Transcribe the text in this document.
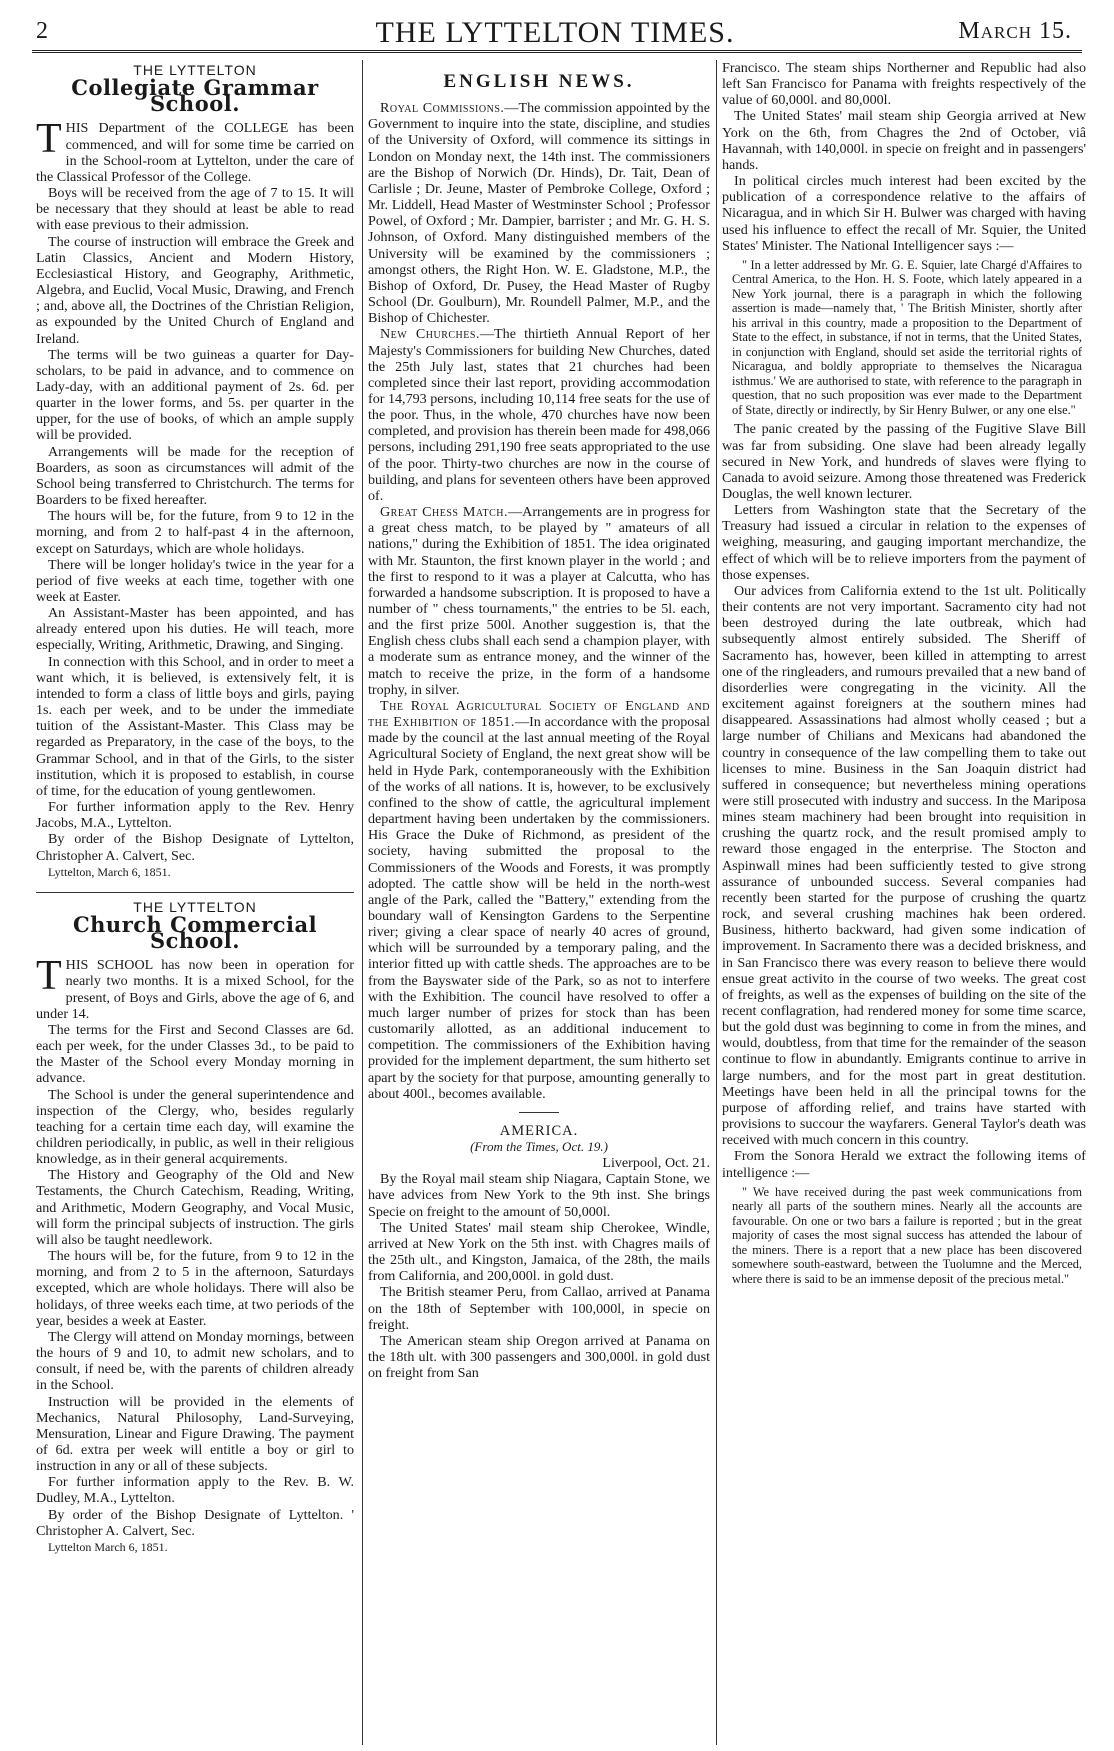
2	THE LYTTELTON TIMES.	March 15.
THE LYTTELTON
Collegiate Grammar School.

THIS Department of the COLLEGE has been commenced, and will for some time be carried on in the School-room at Lyttelton, under the care of the Classical Professor of the College.

Boys will be received from the age of 7 to 15. It will be necessary that they should at least be able to read with ease previous to their admission.

The course of instruction will embrace the Greek and Latin Classics, Ancient and Modern History, Ecclesiastical History, and Geography, Arithmetic, Algebra, and Euclid, Vocal Music, Drawing, and French ; and, above all, the Doctrines of the Christian Religion, as expounded by the United Church of England and Ireland.

The terms will be two guineas a quarter for Day-scholars, to be paid in advance, and to commence on Lady-day, with an additional payment of 2s. 6d. per quarter in the lower forms, and 5s. per quarter in the upper, for the use of books, of which an ample supply will be provided.

Arrangements will be made for the reception of Boarders, as soon as circumstances will admit of the School being transferred to Christchurch. The terms for Boarders to be fixed hereafter.

The hours will be, for the future, from 9 to 12 in the morning, and from 2 to half-past 4 in the afternoon, except on Saturdays, which are whole holidays.

There will be longer holiday's twice in the year for a period of five weeks at each time, together with one week at Easter.

An Assistant-Master has been appointed, and has already entered upon his duties. He will teach, more especially, Writing, Arithmetic, Drawing, and Singing.

In connection with this School, and in order to meet a want which, it is believed, is extensively felt, it is intended to form a class of little boys and girls, paying 1s. each per week, and to be under the immediate tuition of the Assistant-Master. This Class may be regarded as Preparatory, in the case of the boys, to the Grammar School, and in that of the Girls, to the sister institution, which it is proposed to establish, in course of time, for the education of young gentlewomen.

For further information apply to the Rev. Henry Jacobs, M.A., Lyttelton.

By order of the Bishop Designate of Lyttelton, Christopher A. Calvert, Sec.

Lyttelton, March 6, 1851.

THE LYTTELTON
Church Commercial School.

THIS SCHOOL has now been in operation for nearly two months. It is a mixed School, for the present, of Boys and Girls, above the age of 6, and under 14.

The terms for the First and Second Classes are 6d. each per week, for the under Classes 3d., to be paid to the Master of the School every Monday morning in advance.

The School is under the general superintendence and inspection of the Clergy, who, besides regularly teaching for a certain time each day, will examine the children periodically, in public, as well in their religious knowledge, as in their general acquirements.

The History and Geography of the Old and New Testaments, the Church Catechism, Reading, Writing, and Arithmetic, Modern Geography, and Vocal Music, will form the principal subjects of instruction. The girls will also be taught needlework.

The hours will be, for the future, from 9 to 12 in the morning, and from 2 to 5 in the afternoon, Saturdays excepted, which are whole holidays. There will also be holidays, of three weeks each time, at two periods of the year, besides a week at Easter.

The Clergy will attend on Monday mornings, between the hours of 9 and 10, to admit new scholars, and to consult, if need be, with the parents of children already in the School.

Instruction will be provided in the elements of Mechanics, Natural Philosophy, Land-Surveying, Mensuration, Linear and Figure Drawing. The payment of 6d. extra per week will entitle a boy or girl to instruction in any or all of these subjects.

For further information apply to the Rev. B. W. Dudley, M.A., Lyttelton.

By order of the Bishop Designate of Lyttelton. ' Christopher A. Calvert, Sec.

Lyttelton March 6, 1851.

ENGLISH NEWS.

Royal Commissions.—The commission appointed by the Government to inquire into the state, discipline, and studies of the University of Oxford, will commence its sittings in London on Monday next, the 14th inst. The commissioners are the Bishop of Norwich (Dr. Hinds), Dr. Tait, Dean of Carlisle ; Dr. Jeune, Master of Pembroke College, Oxford ; Mr. Liddell, Head Master of Westminster School ; Professor Powel, of Oxford ; Mr. Dampier, barrister ; and Mr. G. H. S. Johnson, of Oxford. Many distinguished members of the University will be examined by the commissioners ; amongst others, the Right Hon. W. E. Gladstone, M.P., the Bishop of Oxford, Dr. Pusey, the Head Master of Rugby School (Dr. Goulburn), Mr. Roundell Palmer, M.P., and the Bishop of Chichester.

New Churches.—The thirtieth Annual Report of her Majesty's Commissioners for building New Churches, dated the 25th July last, states that 21 churches had been completed since their last report, providing accommodation for 14,793 persons, including 10,114 free seats for the use of the poor. Thus, in the whole, 470 churches have now been completed, and provision has therein been made for 498,066 persons, including 291,190 free seats appropriated to the use of the poor. Thirty-two churches are now in the course of building, and plans for seventeen others have been approved of.

Great Chess Match.—Arrangements are in progress for a great chess match, to be played by " amateurs of all nations," during the Exhibition of 1851. The idea originated with Mr. Staunton, the first known player in the world ; and the first to respond to it was a player at Calcutta, who has forwarded a handsome subscription. It is proposed to have a number of " chess tournaments," the entries to be 5l. each, and the first prize 500l. Another suggestion is, that the English chess clubs shall each send a champion player, with a moderate sum as entrance money, and the winner of the match to receive the prize, in the form of a handsome trophy, in silver.

The Royal Agricultural Society of England and the Exhibition of 1851.—In accordance with the proposal made by the council at the last annual meeting of the Royal Agricultural Society of England, the next great show will be held in Hyde Park, contemporaneously with the Exhibition of the works of all nations. It is, however, to be exclusively confined to the show of cattle, the agricultural implement department having been undertaken by the commissioners. His Grace the Duke of Richmond, as president of the society, having submitted the proposal to the Commissioners of the Woods and Forests, it was promptly adopted. The cattle show will be held in the north-west angle of the Park, called the "Battery," extending from the boundary wall of Kensington Gardens to the Serpentine river; giving a clear space of nearly 40 acres of ground, which will be surrounded by a temporary paling, and the interior fitted up with cattle sheds. The approaches are to be from the Bayswater side of the Park, so as not to interfere with the Exhibition. The council have resolved to offer a much larger number of prizes for stock than has been customarily allotted, as an additional inducement to competition. The commissioners of the Exhibition having provided for the implement department, the sum hitherto set apart by the society for that purpose, amounting generally to about 400l., becomes available.

AMERICA.
(From the Times, Oct. 19.)

Liverpool, Oct. 21.

By the Royal mail steam ship Niagara, Captain Stone, we have advices from New York to the 9th inst. She brings Specie on freight to the amount of 50,000l.

The United States' mail steam ship Cherokee, Windle, arrived at New York on the 5th inst. with Chagres mails of the 25th ult., and Kingston, Jamaica, of the 28th, the mails from California, and 200,000l. in gold dust.

The British steamer Peru, from Callao, arrived at Panama on the 18th of September with 100,000l, in specie on freight.

The American steam ship Oregon arrived at Panama on the 18th ult. with 300 passengers and 300,000l. in gold dust on freight from San

Francisco. The steam ships Northerner and Republic had also left San Francisco for Panama with freights respectively of the value of 60,000l. and 80,000l.

The United States' mail steam ship Georgia arrived at New York on the 6th, from Chagres the 2nd of October, viâ Havannah, with 140,000l. in specie on freight and in passengers' hands.

In political circles much interest had been excited by the publication of a correspondence relative to the affairs of Nicaragua, and in which Sir H. Bulwer was charged with having used his influence to effect the recall of Mr. Squier, the United States' Minister. The National Intelligencer says :—

" In a letter addressed by Mr. G. E. Squier, late Chargé d'Affaires to Central America, to the Hon. H. S. Foote, which lately appeared in a New York journal, there is a paragraph in which the following assertion is made—namely that, ' The British Minister, shortly after his arrival in this country, made a proposition to the Department of State to the effect, in substance, if not in terms, that the United States, in conjunction with England, should set aside the territorial rights of Nicaragua, and boldly appropriate to themselves the Nicaragua isthmus.' We are authorised to state, with reference to the paragraph in question, that no such proposition was ever made to the Department of State, directly or indirectly, by Sir Henry Bulwer, or any one else."

The panic created by the passing of the Fugitive Slave Bill was far from subsiding. One slave had been already legally secured in New York, and hundreds of slaves were flying to Canada to avoid seizure. Among those threatened was Frederick Douglas, the well known lecturer.

Letters from Washington state that the Secretary of the Treasury had issued a circular in relation to the expenses of weighing, measuring, and gauging important merchandize, the effect of which will be to relieve importers from the payment of those expenses.

Our advices from California extend to the 1st ult. Politically their contents are not very important. Sacramento city had not been destroyed during the late outbreak, which had subsequently almost entirely subsided. The Sheriff of Sacramento has, however, been killed in attempting to arrest one of the ringleaders, and rumours prevailed that a new band of disorderlies were congregating in the vicinity. All the excitement against foreigners at the southern mines had disappeared. Assassinations had almost wholly ceased ; but a large number of Chilians and Mexicans had abandoned the country in consequence of the law compelling them to take out licenses to mine. Business in the San Joaquin district had suffered in consequence; but nevertheless mining operations were still prosecuted with industry and success. In the Mariposa mines steam machinery had been brought into requisition in crushing the quartz rock, and the result promised amply to reward those engaged in the enterprise. The Stocton and Aspinwall mines had been sufficiently tested to give strong assurance of unbounded success. Several companies had recently been started for the purpose of crushing the quartz rock, and several crushing machines hak been ordered. Business, hitherto backward, had given some indication of improvement. In Sacramento there was a decided briskness, and in San Francisco there was every reason to believe there would ensue great activito in the course of two weeks. The great cost of freights, as well as the expenses of building on the site of the recent conflagration, had rendered money for some time scarce, but the gold dust was beginning to come in from the mines, and would, doubtless, from that time for the remainder of the season continue to flow in abundantly. Emigrants continue to arrive in large numbers, and for the most part in great destitution. Meetings have been held in all the principal towns for the purpose of affording relief, and trains have started with provisions to succour the wayfarers. General Taylor's death was received with much concern in this country.

From the Sonora Herald we extract the following items of intelligence :—

" We have received during the past week communications from nearly all parts of the southern mines. Nearly all the accounts are favourable. On one or two bars a failure is reported ; but in the great majority of cases the most signal success has attended the labour of the miners. There is a report that a new place has been discovered somewhere south-eastward, between the Tuolumne and the Merced, where there is said to be an immense deposit of the precious metal."
